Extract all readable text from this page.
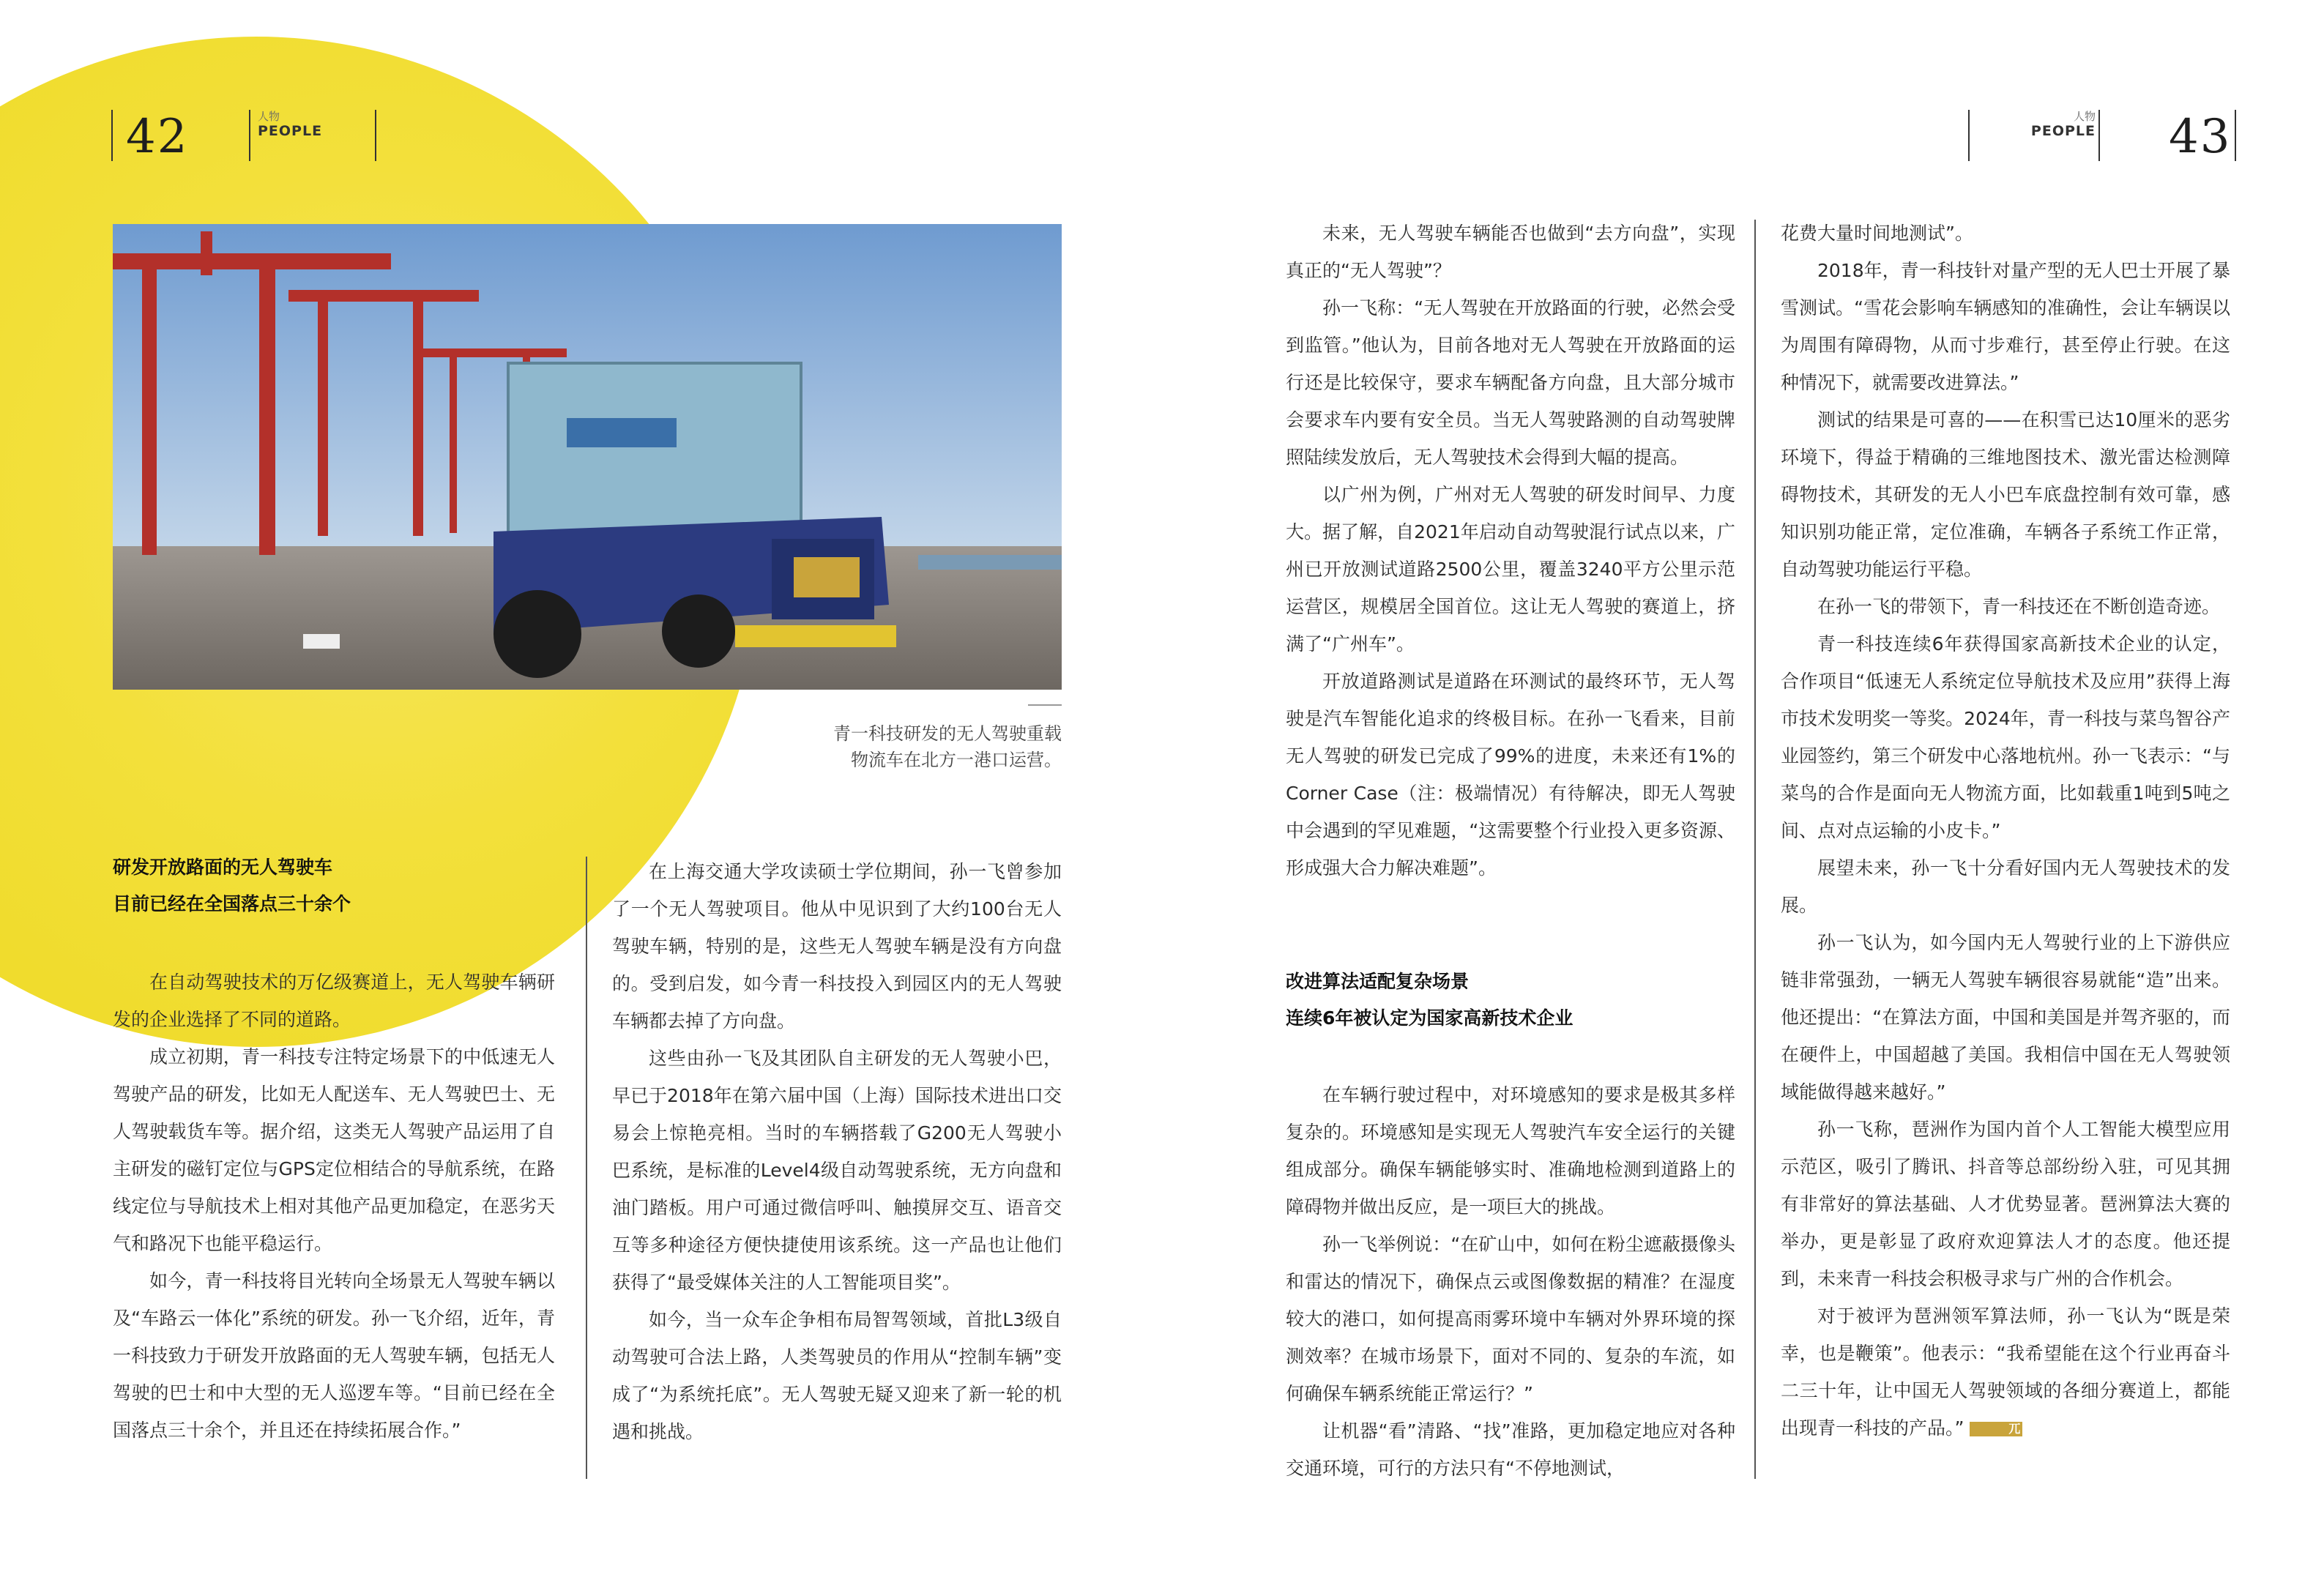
42	人物
PEOPLE
青一科技研发的无人驾驶重载
物流车在北方一港口运营。
研发开放路面的无人驾驶车
目前已经在全国落点三十余个

在自动驾驶技术的万亿级赛道上，无人驾驶车辆研发的企业选择了不同的道路。

成立初期，青一科技专注特定场景下的中低速无人驾驶产品的研发，比如无人配送车、无人驾驶巴士、无人驾驶载货车等。据介绍，这类无人驾驶产品运用了自主研发的磁钉定位与GPS定位相结合的导航系统，在路线定位与导航技术上相对其他产品更加稳定，在恶劣天气和路况下也能平稳运行。

如今，青一科技将目光转向全场景无人驾驶车辆以及“车路云一体化”系统的研发。孙一飞介绍，近年，青一科技致力于研发开放路面的无人驾驶车辆，包括无人驾驶的巴士和中大型的无人巡逻车等。“目前已经在全国落点三十余个，并且还在持续拓展合作。”

在上海交通大学攻读硕士学位期间，孙一飞曾参加了一个无人驾驶项目。他从中见识到了大约100台无人驾驶车辆，特别的是，这些无人驾驶车辆是没有方向盘的。受到启发，如今青一科技投入到园区内的无人驾驶车辆都去掉了方向盘。

这些由孙一飞及其团队自主研发的无人驾驶小巴，早已于2018年在第六届中国（上海）国际技术进出口交易会上惊艳亮相。当时的车辆搭载了G200无人驾驶小巴系统，是标准的Level4级自动驾驶系统，无方向盘和油门踏板。用户可通过微信呼叫、触摸屏交互、语音交互等多种途径方便快捷使用该系统。这一产品也让他们获得了“最受媒体关注的人工智能项目奖”。

如今，当一众车企争相布局智驾领域，首批L3级自动驾驶可合法上路，人类驾驶员的作用从“控制车辆”变成了“为系统托底”。无人驾驶无疑又迎来了新一轮的机遇和挑战。

人物
PEOPLE 43

未来，无人驾驶车辆能否也做到“去方向盘”，实现真正的“无人驾驶”？

孙一飞称：“无人驾驶在开放路面的行驶，必然会受到监管。”他认为，目前各地对无人驾驶在开放路面的运行还是比较保守，要求车辆配备方向盘，且大部分城市会要求车内要有安全员。当无人驾驶路测的自动驾驶牌照陆续发放后，无人驾驶技术会得到大幅的提高。

以广州为例，广州对无人驾驶的研发时间早、力度大。据了解，自2021年启动自动驾驶混行试点以来，广州已开放测试道路2500公里，覆盖3240平方公里示范运营区，规模居全国首位。这让无人驾驶的赛道上，挤满了“广州车”。

开放道路测试是道路在环测试的最终环节，无人驾驶是汽车智能化追求的终极目标。在孙一飞看来，目前无人驾驶的研发已完成了99%的进度，未来还有1%的Corner Case（注：极端情况）有待解决，即无人驾驶中会遇到的罕见难题，“这需要整个行业投入更多资源、形成强大合力解决难题”。

改进算法适配复杂场景
连续6年被认定为国家高新技术企业

在车辆行驶过程中，对环境感知的要求是极其多样复杂的。环境感知是实现无人驾驶汽车安全运行的关键组成部分。确保车辆能够实时、准确地检测到道路上的障碍物并做出反应，是一项巨大的挑战。

孙一飞举例说：“在矿山中，如何在粉尘遮蔽摄像头和雷达的情况下，确保点云或图像数据的精准？在湿度较大的港口，如何提高雨雾环境中车辆对外界环境的探测效率？在城市场景下，面对不同的、复杂的车流，如何确保车辆系统能正常运行？”

让机器“看”清路、“找”准路，更加稳定地应对各种交通环境，可行的方法只有“不停地测试，

花费大量时间地测试”。

2018年，青一科技针对量产型的无人巴士开展了暴雪测试。“雪花会影响车辆感知的准确性，会让车辆误以为周围有障碍物，从而寸步难行，甚至停止行驶。在这种情况下，就需要改进算法。”

测试的结果是可喜的——在积雪已达10厘米的恶劣环境下，得益于精确的三维地图技术、激光雷达检测障碍物技术，其研发的无人小巴车底盘控制有效可靠，感知识别功能正常，定位准确，车辆各子系统工作正常，自动驾驶功能运行平稳。

在孙一飞的带领下，青一科技还在不断创造奇迹。

青一科技连续6年获得国家高新技术企业的认定，合作项目“低速无人系统定位导航技术及应用”获得上海市技术发明奖一等奖。2024年，青一科技与菜鸟智谷产业园签约，第三个研发中心落地杭州。孙一飞表示：“与菜鸟的合作是面向无人物流方面，比如载重1吨到5吨之间、点对点运输的小皮卡。”

展望未来，孙一飞十分看好国内无人驾驶技术的发展。

孙一飞认为，如今国内无人驾驶行业的上下游供应链非常强劲，一辆无人驾驶车辆很容易就能“造”出来。他还提出：“在算法方面，中国和美国是并驾齐驱的，而在硬件上，中国超越了美国。我相信中国在无人驾驶领域能做得越来越好。”

孙一飞称，琶洲作为国内首个人工智能大模型应用示范区，吸引了腾讯、抖音等总部纷纷入驻，可见其拥有非常好的算法基础、人才优势显著。琶洲算法大赛的举办，更是彰显了政府欢迎算法人才的态度。他还提到，未来青一科技会积极寻求与广州的合作机会。

对于被评为琶洲领军算法师，孙一飞认为“既是荣幸，也是鞭策”。他表示：“我希望能在这个行业再奋斗二三十年，让中国无人驾驶领域的各细分赛道上，都能出现青一科技的产品。”	兀
